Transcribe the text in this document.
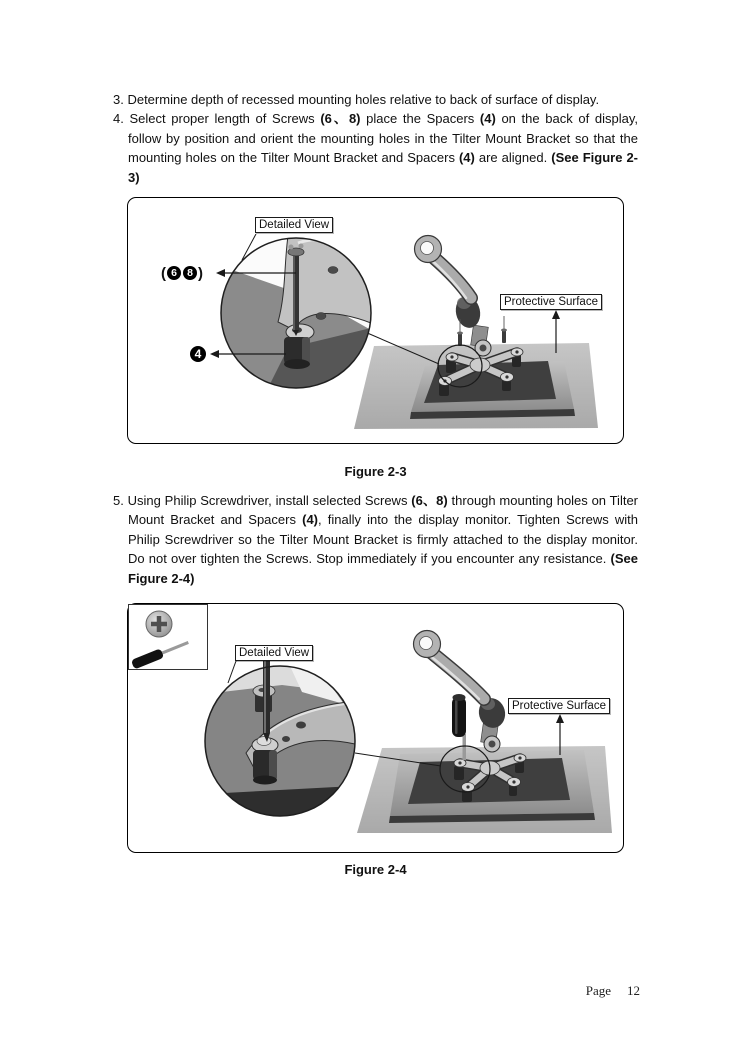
3. Determine depth of recessed mounting holes relative to back of surface of display.

4. Select proper length of Screws (6、8) place the Spacers (4) on the back of display, follow by position and orient the mounting holes in the Tilter Mount Bracket so that the mounting holes on the Tilter Mount Bracket and Spacers (4) are aligned. (See Figure 2-3)

Detailed View
Protective Surface
( 6 8 )
4
Figure 2-3

5. Using Philip Screwdriver, install selected Screws (6、8) through mounting holes on Tilter Mount Bracket and Spacers (4), finally into the display monitor. Tighten Screws with Philip Screwdriver so the Tilter Mount Bracket is firmly attached to the display monitor. Do not over tighten the Screws. Stop immediately if you encounter any resistance. (See Figure 2-4)

Detailed View
Protective Surface
Figure 2-4
Page 12
